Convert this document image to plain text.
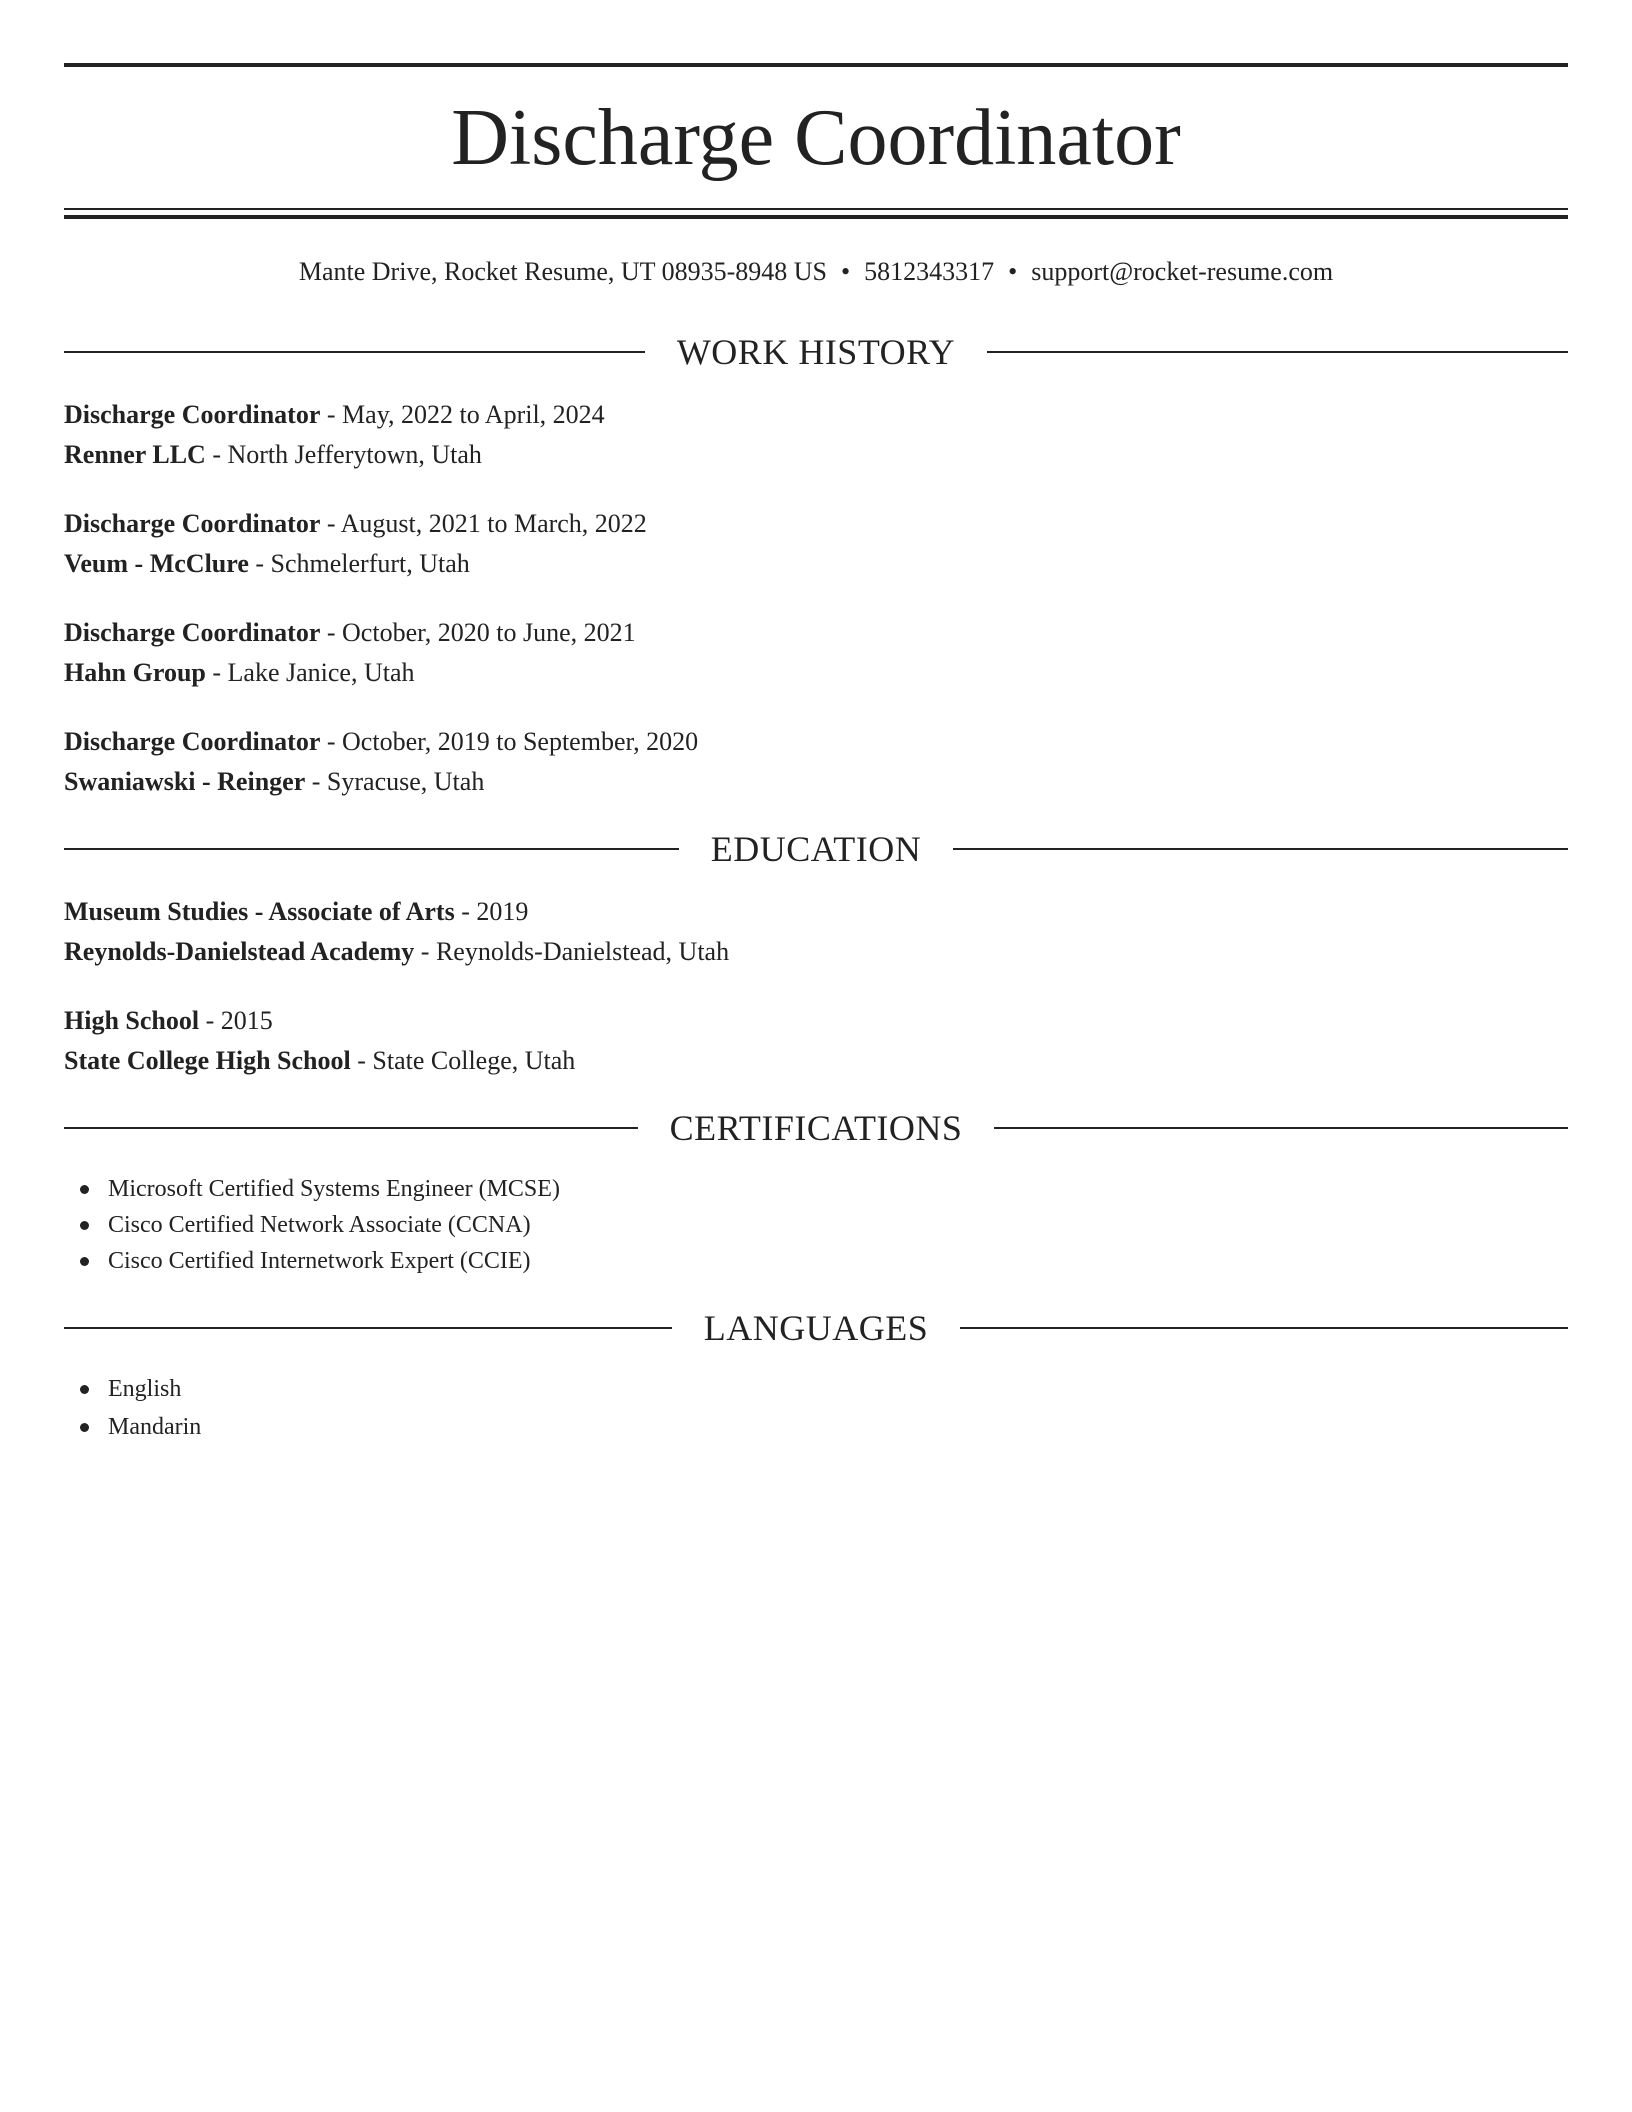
Discharge Coordinator
Mante Drive, Rocket Resume, UT 08935-8948 US • 5812343317 • support@rocket-resume.com
WORK HISTORY
Discharge Coordinator - May, 2022 to April, 2024
Renner LLC - North Jefferytown, Utah
Discharge Coordinator - August, 2021 to March, 2022
Veum - McClure - Schmelerfurt, Utah
Discharge Coordinator - October, 2020 to June, 2021
Hahn Group - Lake Janice, Utah
Discharge Coordinator - October, 2019 to September, 2020
Swaniawski - Reinger - Syracuse, Utah
EDUCATION
Museum Studies - Associate of Arts - 2019
Reynolds-Danielstead Academy - Reynolds-Danielstead, Utah
High School - 2015
State College High School - State College, Utah
CERTIFICATIONS
Microsoft Certified Systems Engineer (MCSE)
Cisco Certified Network Associate (CCNA)
Cisco Certified Internetwork Expert (CCIE)
LANGUAGES
English
Mandarin
